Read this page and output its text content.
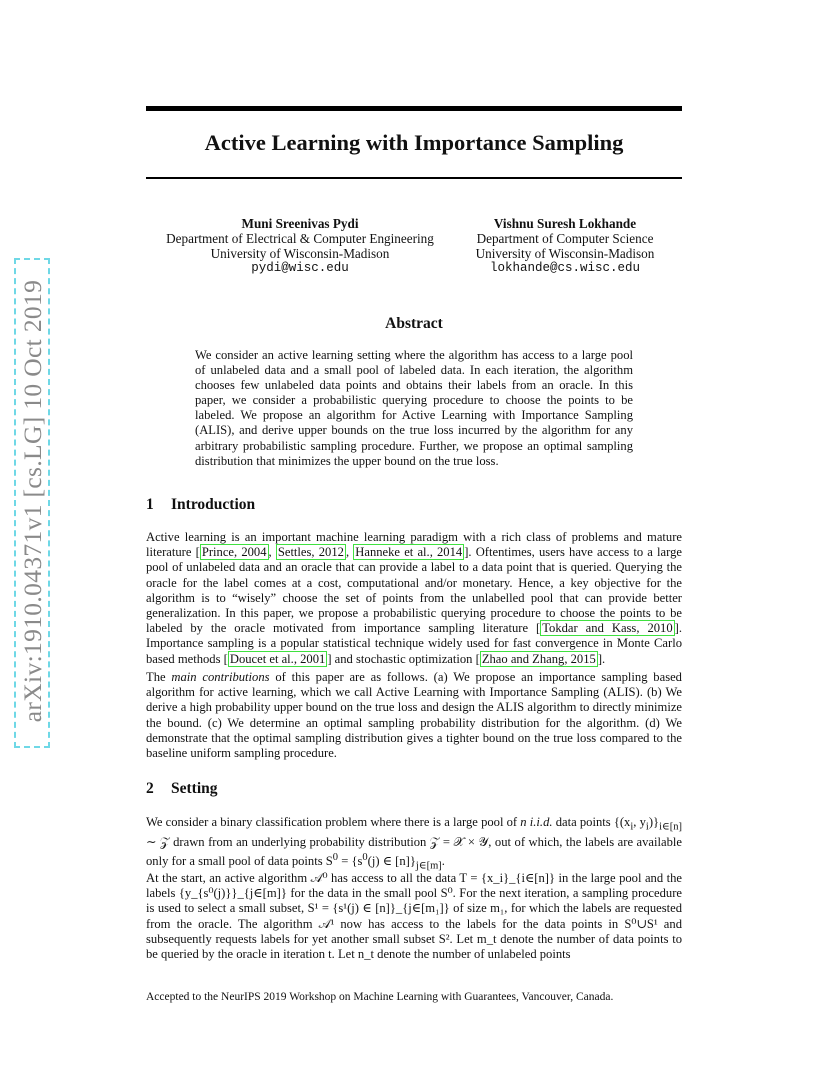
arXiv:1910.04371v1 [cs.LG] 10 Oct 2019
Active Learning with Importance Sampling
Muni Sreenivas Pydi
Department of Electrical & Computer Engineering
University of Wisconsin-Madison
pydi@wisc.edu
Vishnu Suresh Lokhande
Department of Computer Science
University of Wisconsin-Madison
lokhande@cs.wisc.edu
Abstract
We consider an active learning setting where the algorithm has access to a large pool of unlabeled data and a small pool of labeled data. In each iteration, the algorithm chooses few unlabeled data points and obtains their labels from an oracle. In this paper, we consider a probabilistic querying procedure to choose the points to be labeled. We propose an algorithm for Active Learning with Importance Sampling (ALIS), and derive upper bounds on the true loss incurred by the algorithm for any arbitrary probabilistic sampling procedure. Further, we propose an optimal sampling distribution that minimizes the upper bound on the true loss.
1 Introduction

Active learning is an important machine learning paradigm with a rich class of problems and mature literature [ Prince, 2004 , Settles, 2012 , Hanneke et al., 2014 ]. Oftentimes, users have access to a large pool of unlabeled data and an oracle that can provide a label to a data point that is queried. Querying the oracle for the label comes at a cost, computational and/or monetary. Hence, a key objective for the algorithm is to “wisely” choose the set of points from the unlabelled pool that can provide better generalization. In this paper, we propose a probabilistic querying procedure to choose the points to be labeled by the oracle motivated from importance sampling literature [ Tokdar and Kass, 2010 ]. Importance sampling is a popular statistical technique widely used for fast convergence in Monte Carlo based methods [ Doucet et al., 2001 ] and stochastic optimization [ Zhao and Zhang, 2015 ].

The main contributions of this paper are as follows. (a) We propose an importance sampling based algorithm for active learning, which we call Active Learning with Importance Sampling (ALIS). (b) We derive a high probability upper bound on the true loss and design the ALIS algorithm to directly minimize the bound. (c) We determine an optimal sampling probability distribution for the algorithm. (d) We demonstrate that the optimal sampling distribution gives a tighter bound on the true loss compared to the baseline uniform sampling procedure.

2 Setting

We consider a binary classification problem where there is a large pool of n i.i.d. data points {($x_i$, $y_i)\}_{i\in[n]}$ ∼ 𝒵 drawn from an underlying probability distribution 𝒵 = 𝒳 × 𝒴, out of which, the labels are available only for a small pool of data points $S^0 = \{s^0(j)$ ∈ $[n]\}_{j\in[m]}$.

At the start, an active algorithm 𝒜⁰ has access to all the data T = {x_i}_{i∈[n]} in the large pool and the labels {y_{s⁰(j)}}_{j∈[m]} for the data in the small pool S⁰. For the next iteration, a sampling procedure is used to select a small subset, S¹ = {s¹(j) ∈ [n]}_{j∈[m₁]} of size m₁, for which the labels are requested from the oracle. The algorithm 𝒜¹ now has access to the labels for the data points in S⁰∪S¹ and subsequently requests labels for yet another small subset S². Let m_t denote the number of data points to be queried by the oracle in iteration t. Let n_t denote the number of unlabeled points

Accepted to the NeurIPS 2019 Workshop on Machine Learning with Guarantees, Vancouver, Canada.
